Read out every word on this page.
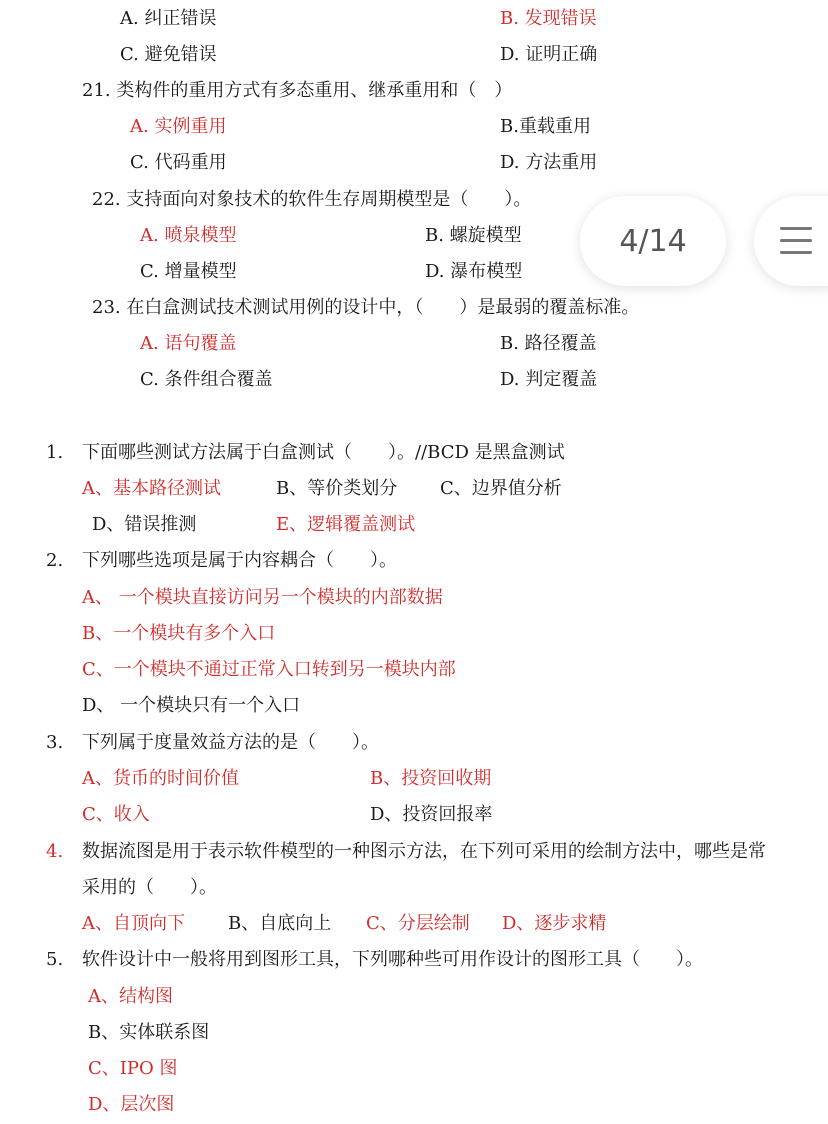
A. 纠正错误	B. 发现错误
C. 避免错误	D. 证明正确
21. 类构件的重用方式有多态重用、继承重用和（　）
A. 实例重用	B.重载重用
C. 代码重用	D. 方法重用
22. 支持面向对象技术的软件生存周期模型是（　　）。
A. 喷泉模型	B. 螺旋模型
C. 增量模型	D. 瀑布模型
23. 在白盒测试技术测试用例的设计中，（　　）是最弱的覆盖标准。
A. 语句覆盖	B. 路径覆盖
C. 条件组合覆盖	D. 判定覆盖
1. 下面哪些测试方法属于白盒测试（　　）。//BCD 是黑盒测试
A、基本路径测试	B、等价类划分 C、边界值分析
D、错误推测	E、逻辑覆盖测试
2. 下列哪些选项是属于内容耦合（　　）。
A、 一个模块直接访问另一个模块的内部数据
B、一个模块有多个入口
C、一个模块不通过正常入口转到另一模块内部
D、 一个模块只有一个入口
3. 下列属于度量效益方法的是（　　）。
A、货币的时间价值	B、投资回收期
C、收入	D、投资回报率
4. 数据流图是用于表示软件模型的一种图示方法，在下列可采用的绘制方法中，哪些是常
采用的（　　）。
A、自顶向下 B、自底向上 C、分层绘制 D、逐步求精
5. 软件设计中一般将用到图形工具，下列哪种些可用作设计的图形工具（　　）。
A、结构图
B、实体联系图
C、IPO 图
D、层次图
4/14
